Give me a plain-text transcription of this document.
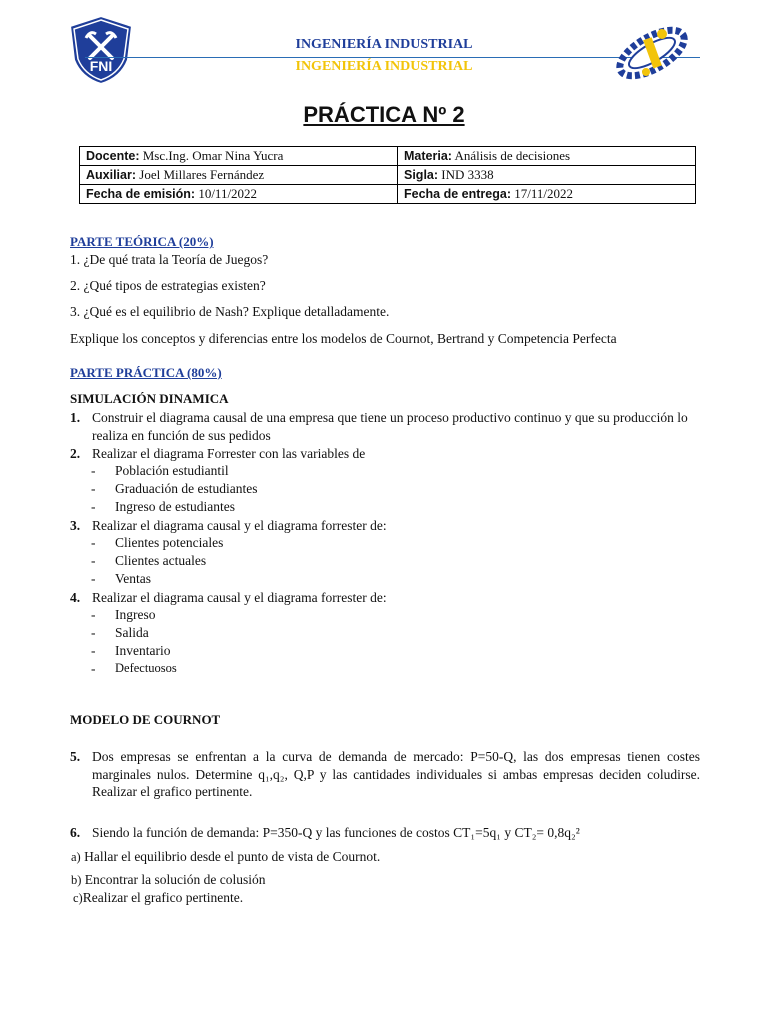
FNI
INGENIERÍA INDUSTRIAL
INGENIERÍA INDUSTRIAL
PRÁCTICA Nº 2
Docente: Msc.Ing. Omar Nina Yucra	Materia: Análisis de decisiones
Auxiliar: Joel Millares Fernández	Sigla: IND 3338
Fecha de emisión: 10/11/2022	Fecha de entrega: 17/11/2022
PARTE TEÓRICA (20%)
1. ¿De qué trata la Teoría de Juegos?
2. ¿Qué tipos de estrategias existen?
3. ¿Qué es el equilibrio de Nash? Explique detalladamente.
Explique los conceptos y diferencias entre los modelos de Cournot, Bertrand y Competencia Perfecta
PARTE PRÁCTICA (80%)
SIMULACIÓN DINAMICA
1. Construir el diagrama causal de una empresa que tiene un proceso productivo continuo y que su producción lo realiza en función de sus pedidos
2. Realizar el diagrama Forrester con las variables de
- Población estudiantil
- Graduación de estudiantes
- Ingreso de estudiantes
3. Realizar el diagrama causal y el diagrama forrester de:
- Clientes potenciales
- Clientes actuales
- Ventas
4. Realizar el diagrama causal y el diagrama forrester de:
- Ingreso
- Salida
- Inventario
- Defectuosos
MODELO DE COURNOT
5. Dos empresas se enfrentan a la curva de demanda de mercado: P=50-Q, las dos empresas tienen costes marginales nulos. Determine q₁,q₂, Q,P y las cantidades individuales si ambas empresas deciden coludirse. Realizar el grafico pertinente.
6. Siendo la función de demanda: P=350-Q y las funciones de costos CT₁=5q₁ y CT₂= 0,8q₂²
a) Hallar el equilibrio desde el punto de vista de Cournot.
b) Encontrar la solución de colusión
c)Realizar el grafico pertinente.
